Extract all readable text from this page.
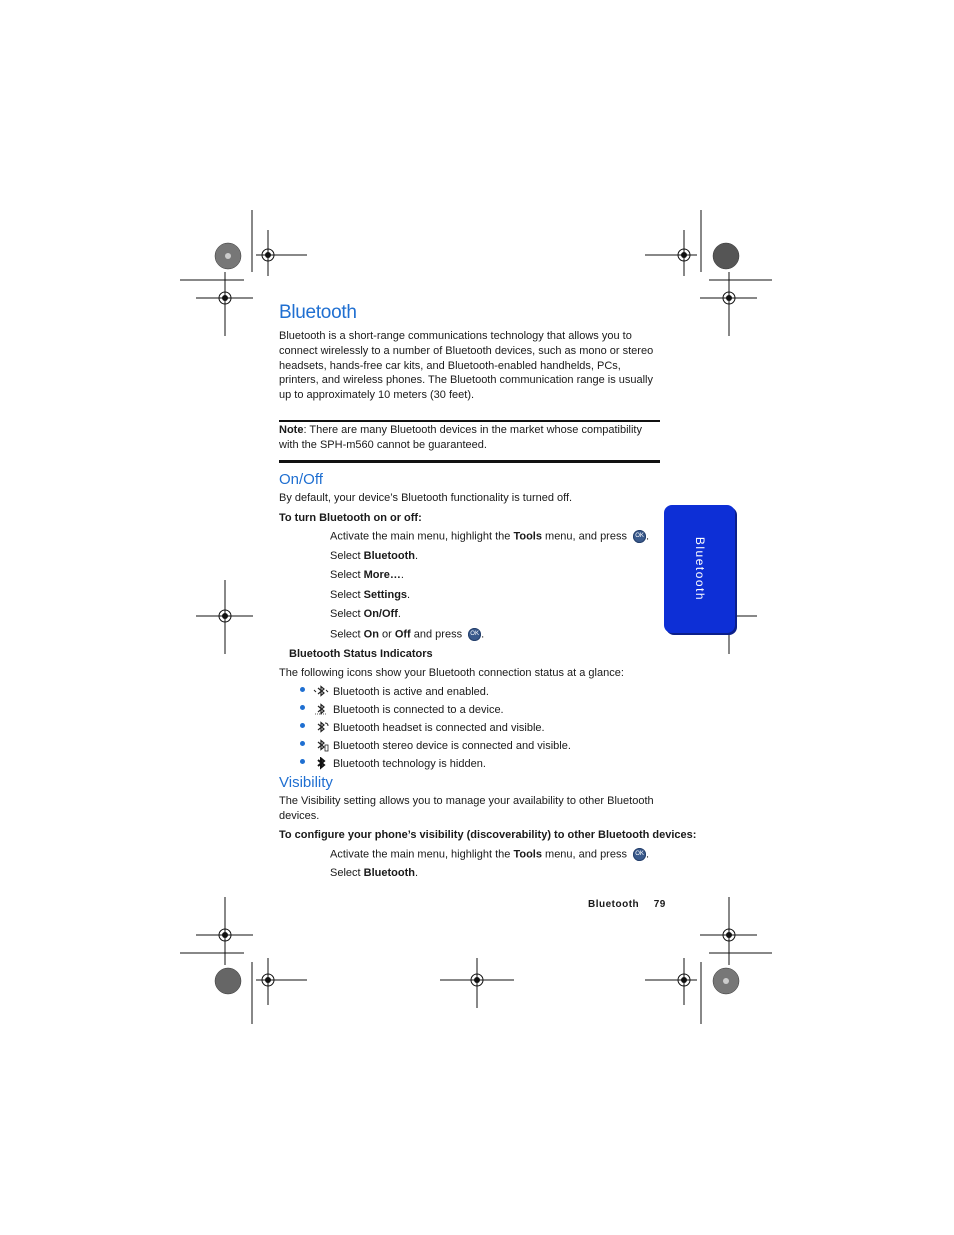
Bluetooth
Bluetooth is a short-range communications technology that allows you to connect wirelessly to a number of Bluetooth devices, such as mono or stereo headsets, hands-free car kits, and Bluetooth-enabled handhelds, PCs, printers, and wireless phones. The Bluetooth communication range is usually up to approximately 10 meters (30 feet).
Note: There are many Bluetooth devices in the market whose compatibility with the SPH-m560 cannot be guaranteed.
On/Off
By default, your device’s Bluetooth functionality is turned off.
To turn Bluetooth on or off:
Activate the main menu, highlight the Tools menu, and press OK .
Select Bluetooth.
Select More….
Select Settings.
Select On/Off.
Select On or Off and press OK .
Bluetooth Status Indicators
The following icons show your Bluetooth connection status at a glance:
Bluetooth is active and enabled.
Bluetooth is connected to a device.
Bluetooth headset is connected and visible.
Bluetooth stereo device is connected and visible.
Bluetooth technology is hidden.
Visibility
The Visibility setting allows you to manage your availability to other Bluetooth devices.
To configure your phone’s visibility (discoverability) to other Bluetooth devices:
Activate the main menu, highlight the Tools menu, and press OK .
Select Bluetooth.
Bluetooth
Bluetooth 79
